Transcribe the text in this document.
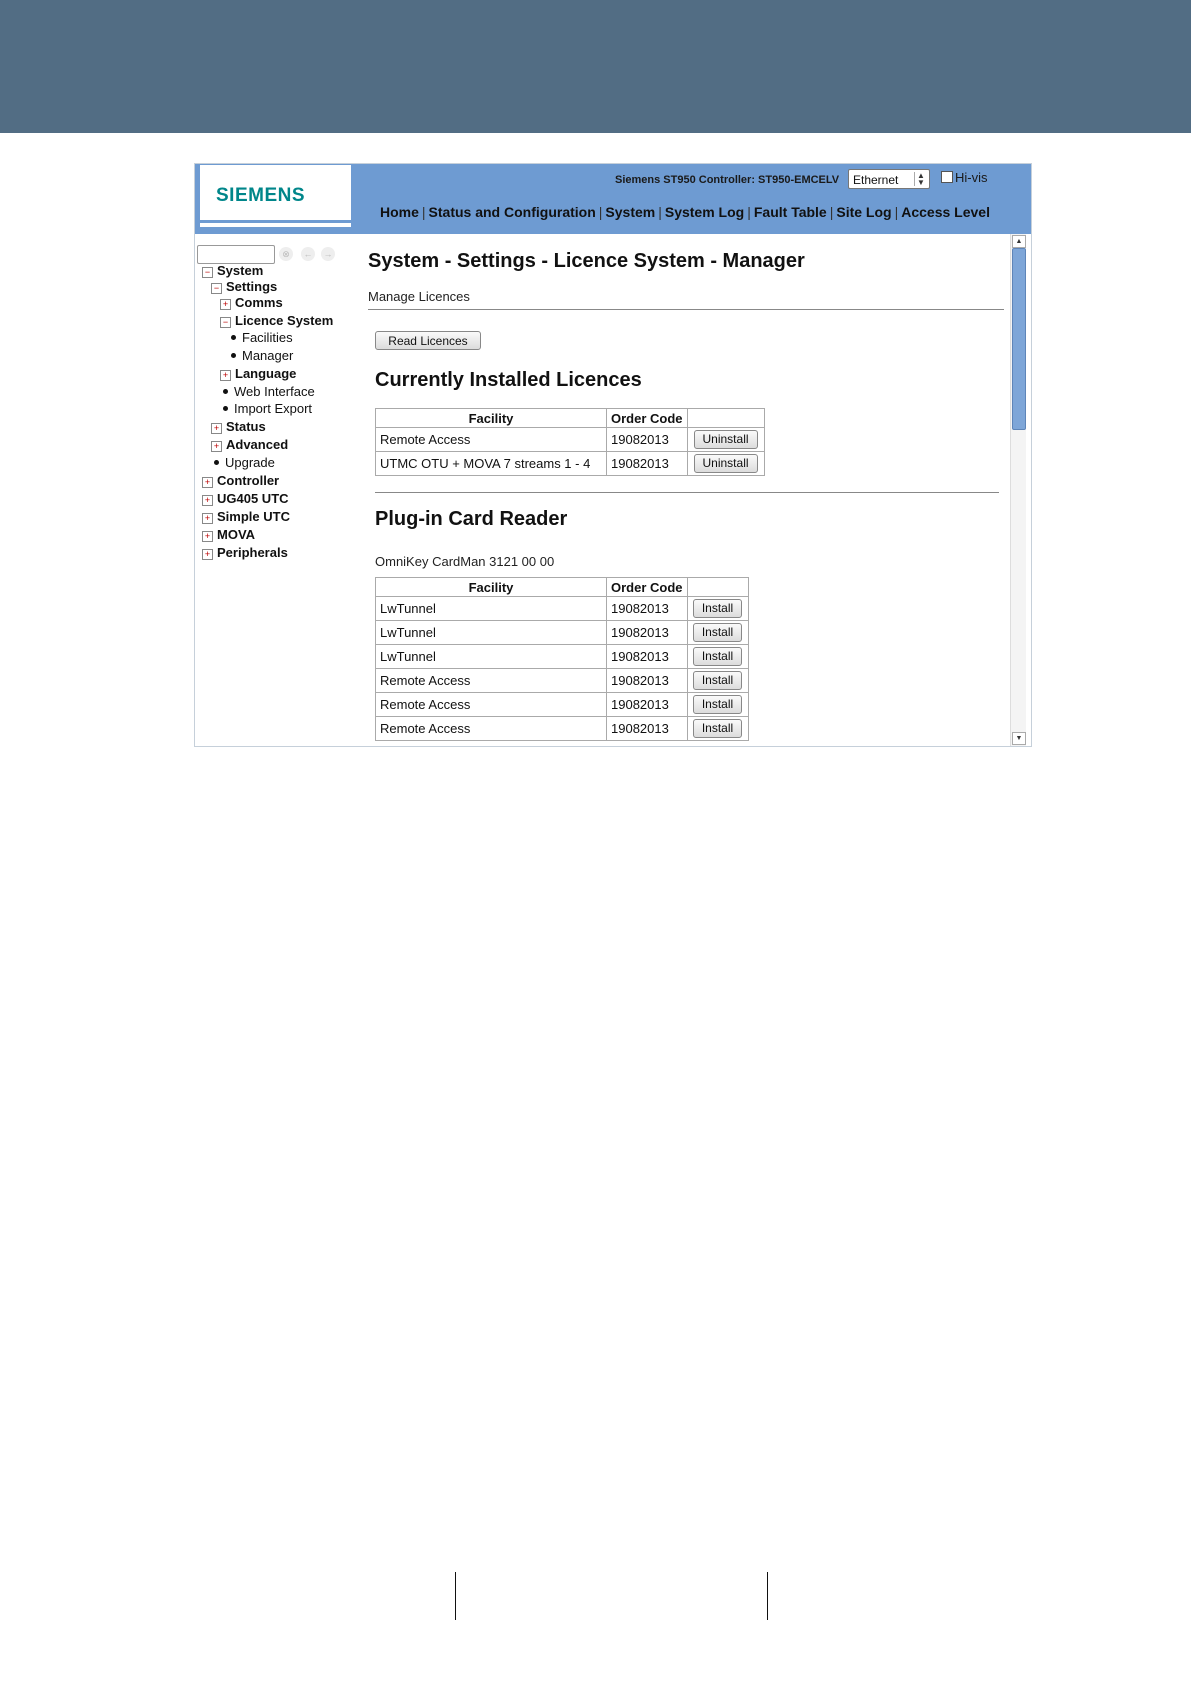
SIEMENS
Siemens ST950 Controller: ST950-EMCELV	Ethernet	▲
▼	Hi-vis
Home | Status and Configuration | System | System Log | Fault Table | Site Log | Access Level
⊗	← →
− System
− Settings
+ Comms
− Licence System
Facilities
Manager
+ Language
Web Interface
Import Export
+ Status
+ Advanced
Upgrade
+ Controller
+ UG405 UTC
+ Simple UTC
+ MOVA
+ Peripherals
System - Settings - Licence System - Manager
Manage Licences
Read Licences
Currently Installed Licences
Facility	Order Code	
Remote Access	19082013	Uninstall
UTMC OTU + MOVA 7 streams 1 - 4	19082013	Uninstall
Plug-in Card Reader
OmniKey CardMan 3121 00 00
Facility	Order Code	
LwTunnel	19082013	Install
LwTunnel	19082013	Install
LwTunnel	19082013	Install
Remote Access	19082013	Install
Remote Access	19082013	Install
Remote Access	19082013	Install
▲
▼
